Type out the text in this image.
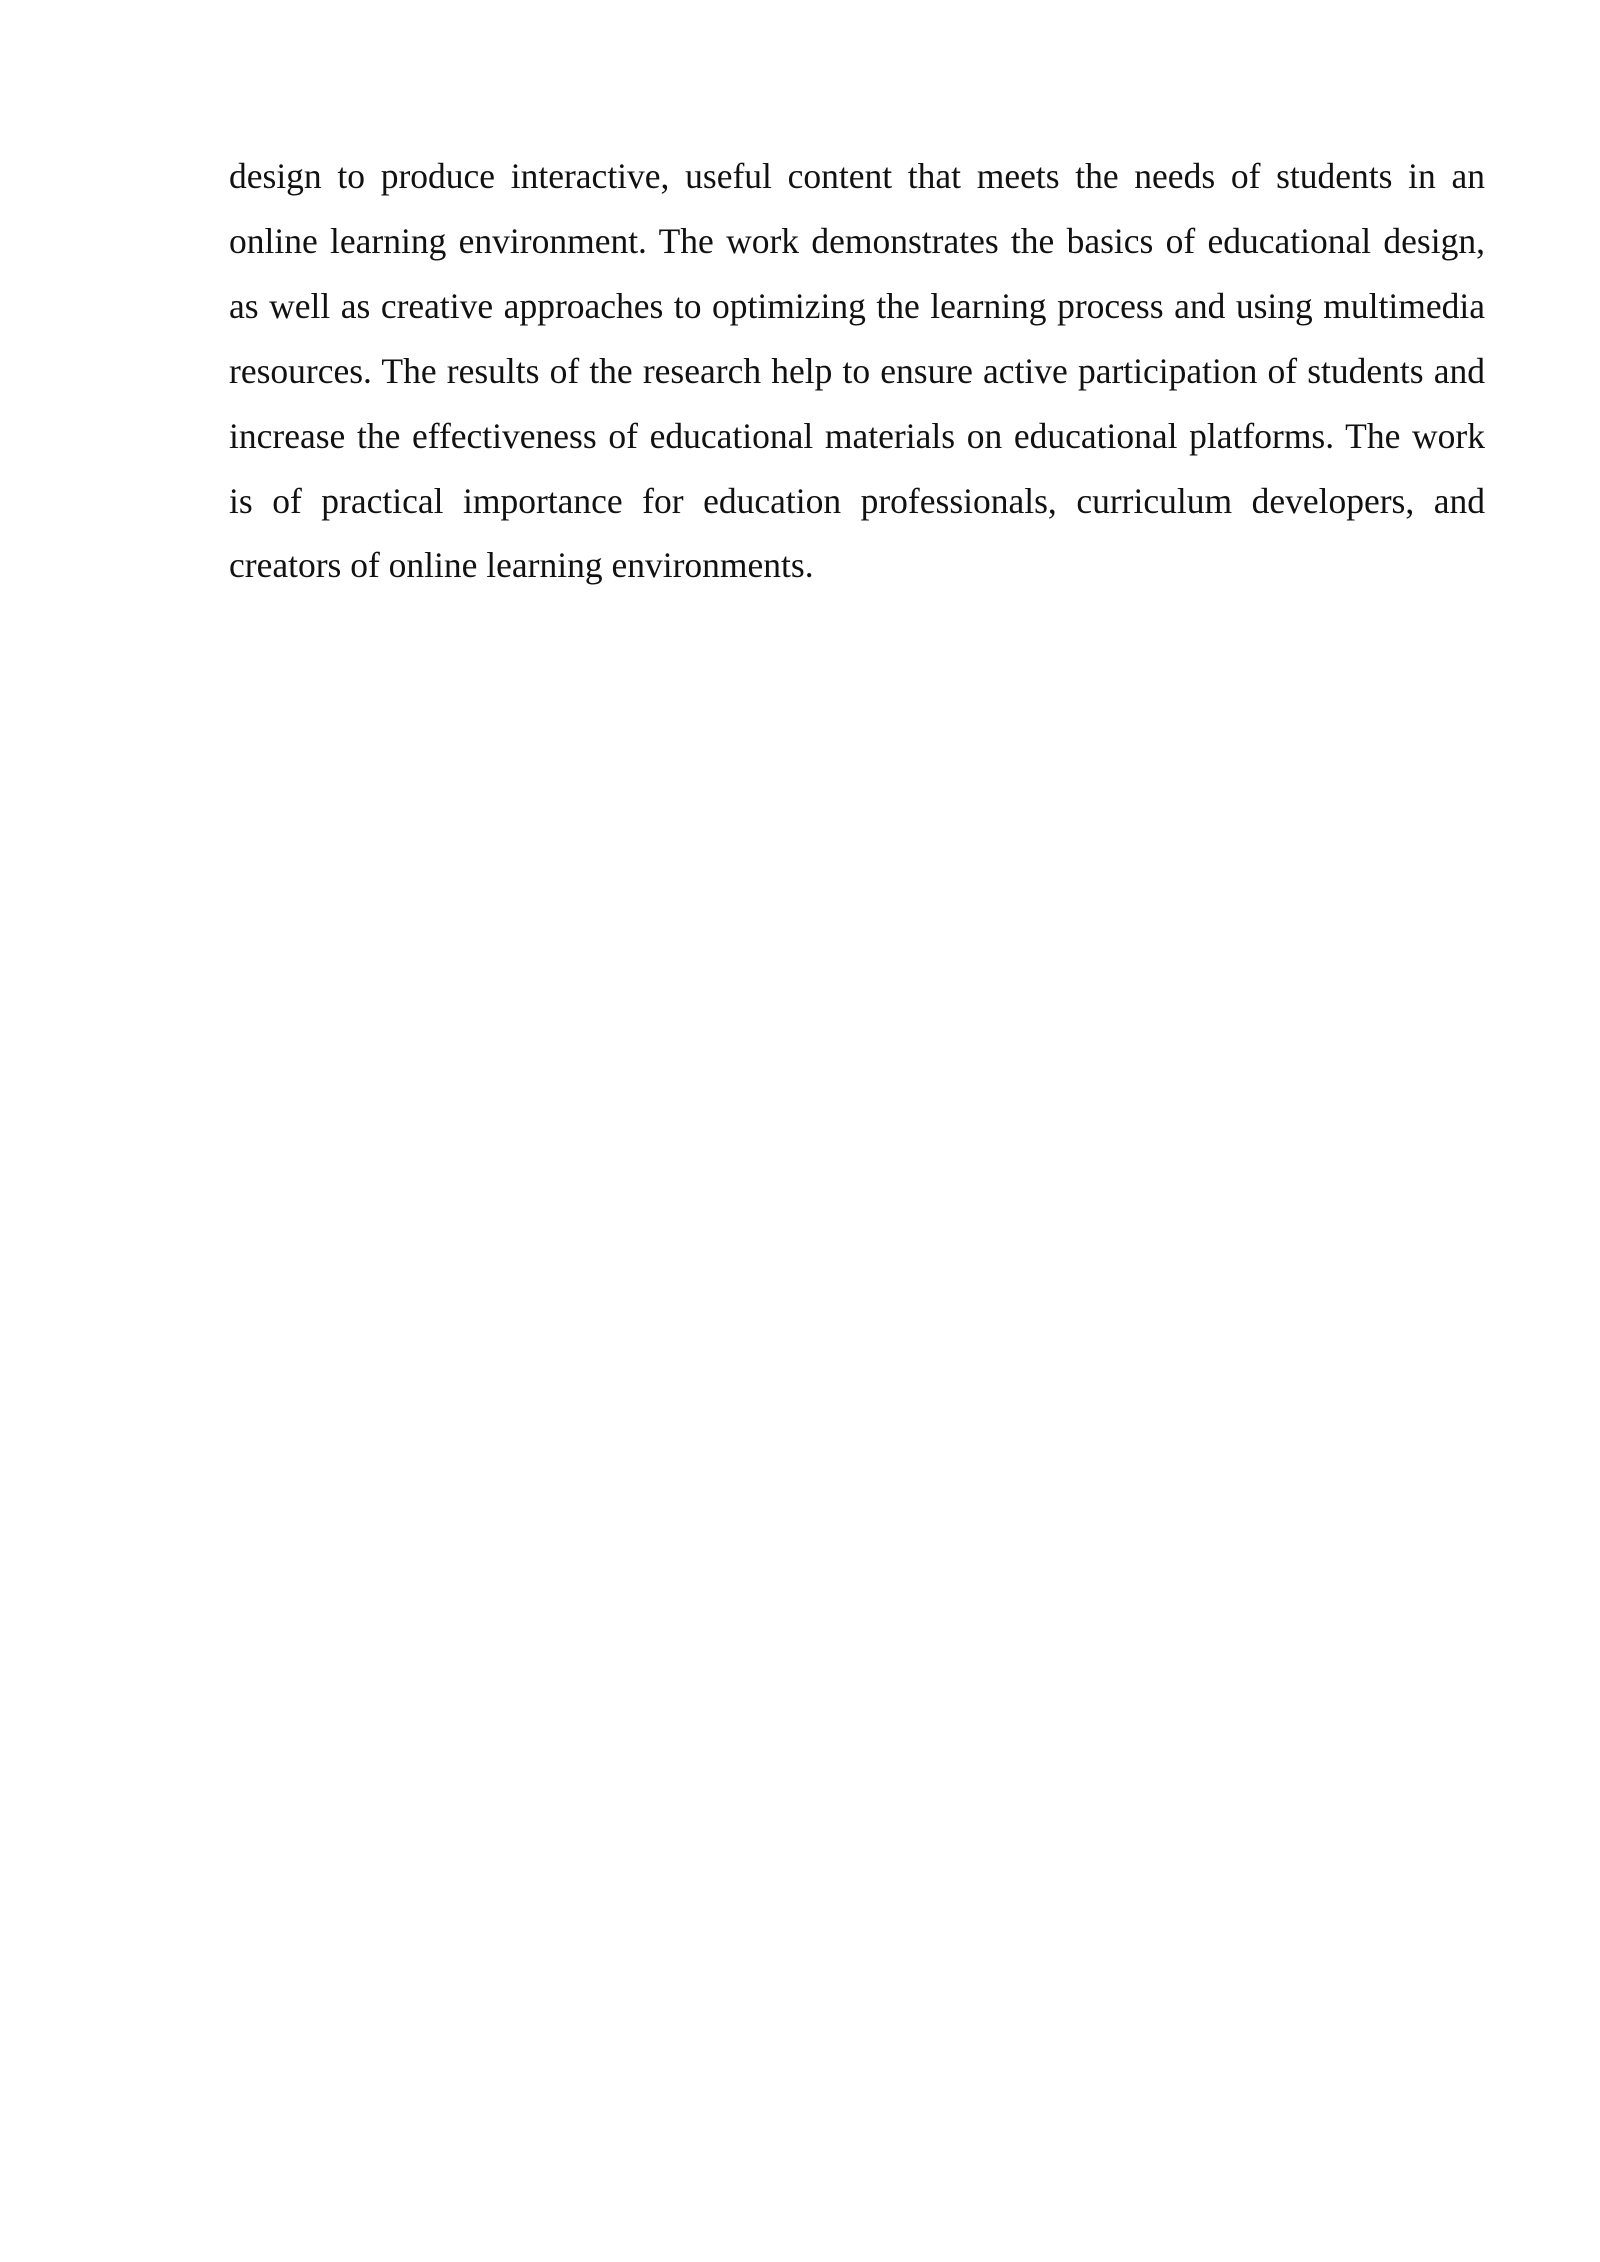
design to produce interactive, useful content that meets the needs of students in an online learning environment. The work demonstrates the basics of educational design, as well as creative approaches to optimizing the learning process and using multimedia resources. The results of the research help to ensure active participation of students and increase the effectiveness of educational materials on educational platforms. The work is of practical importance for education professionals, curriculum developers, and creators of online learning environments.
